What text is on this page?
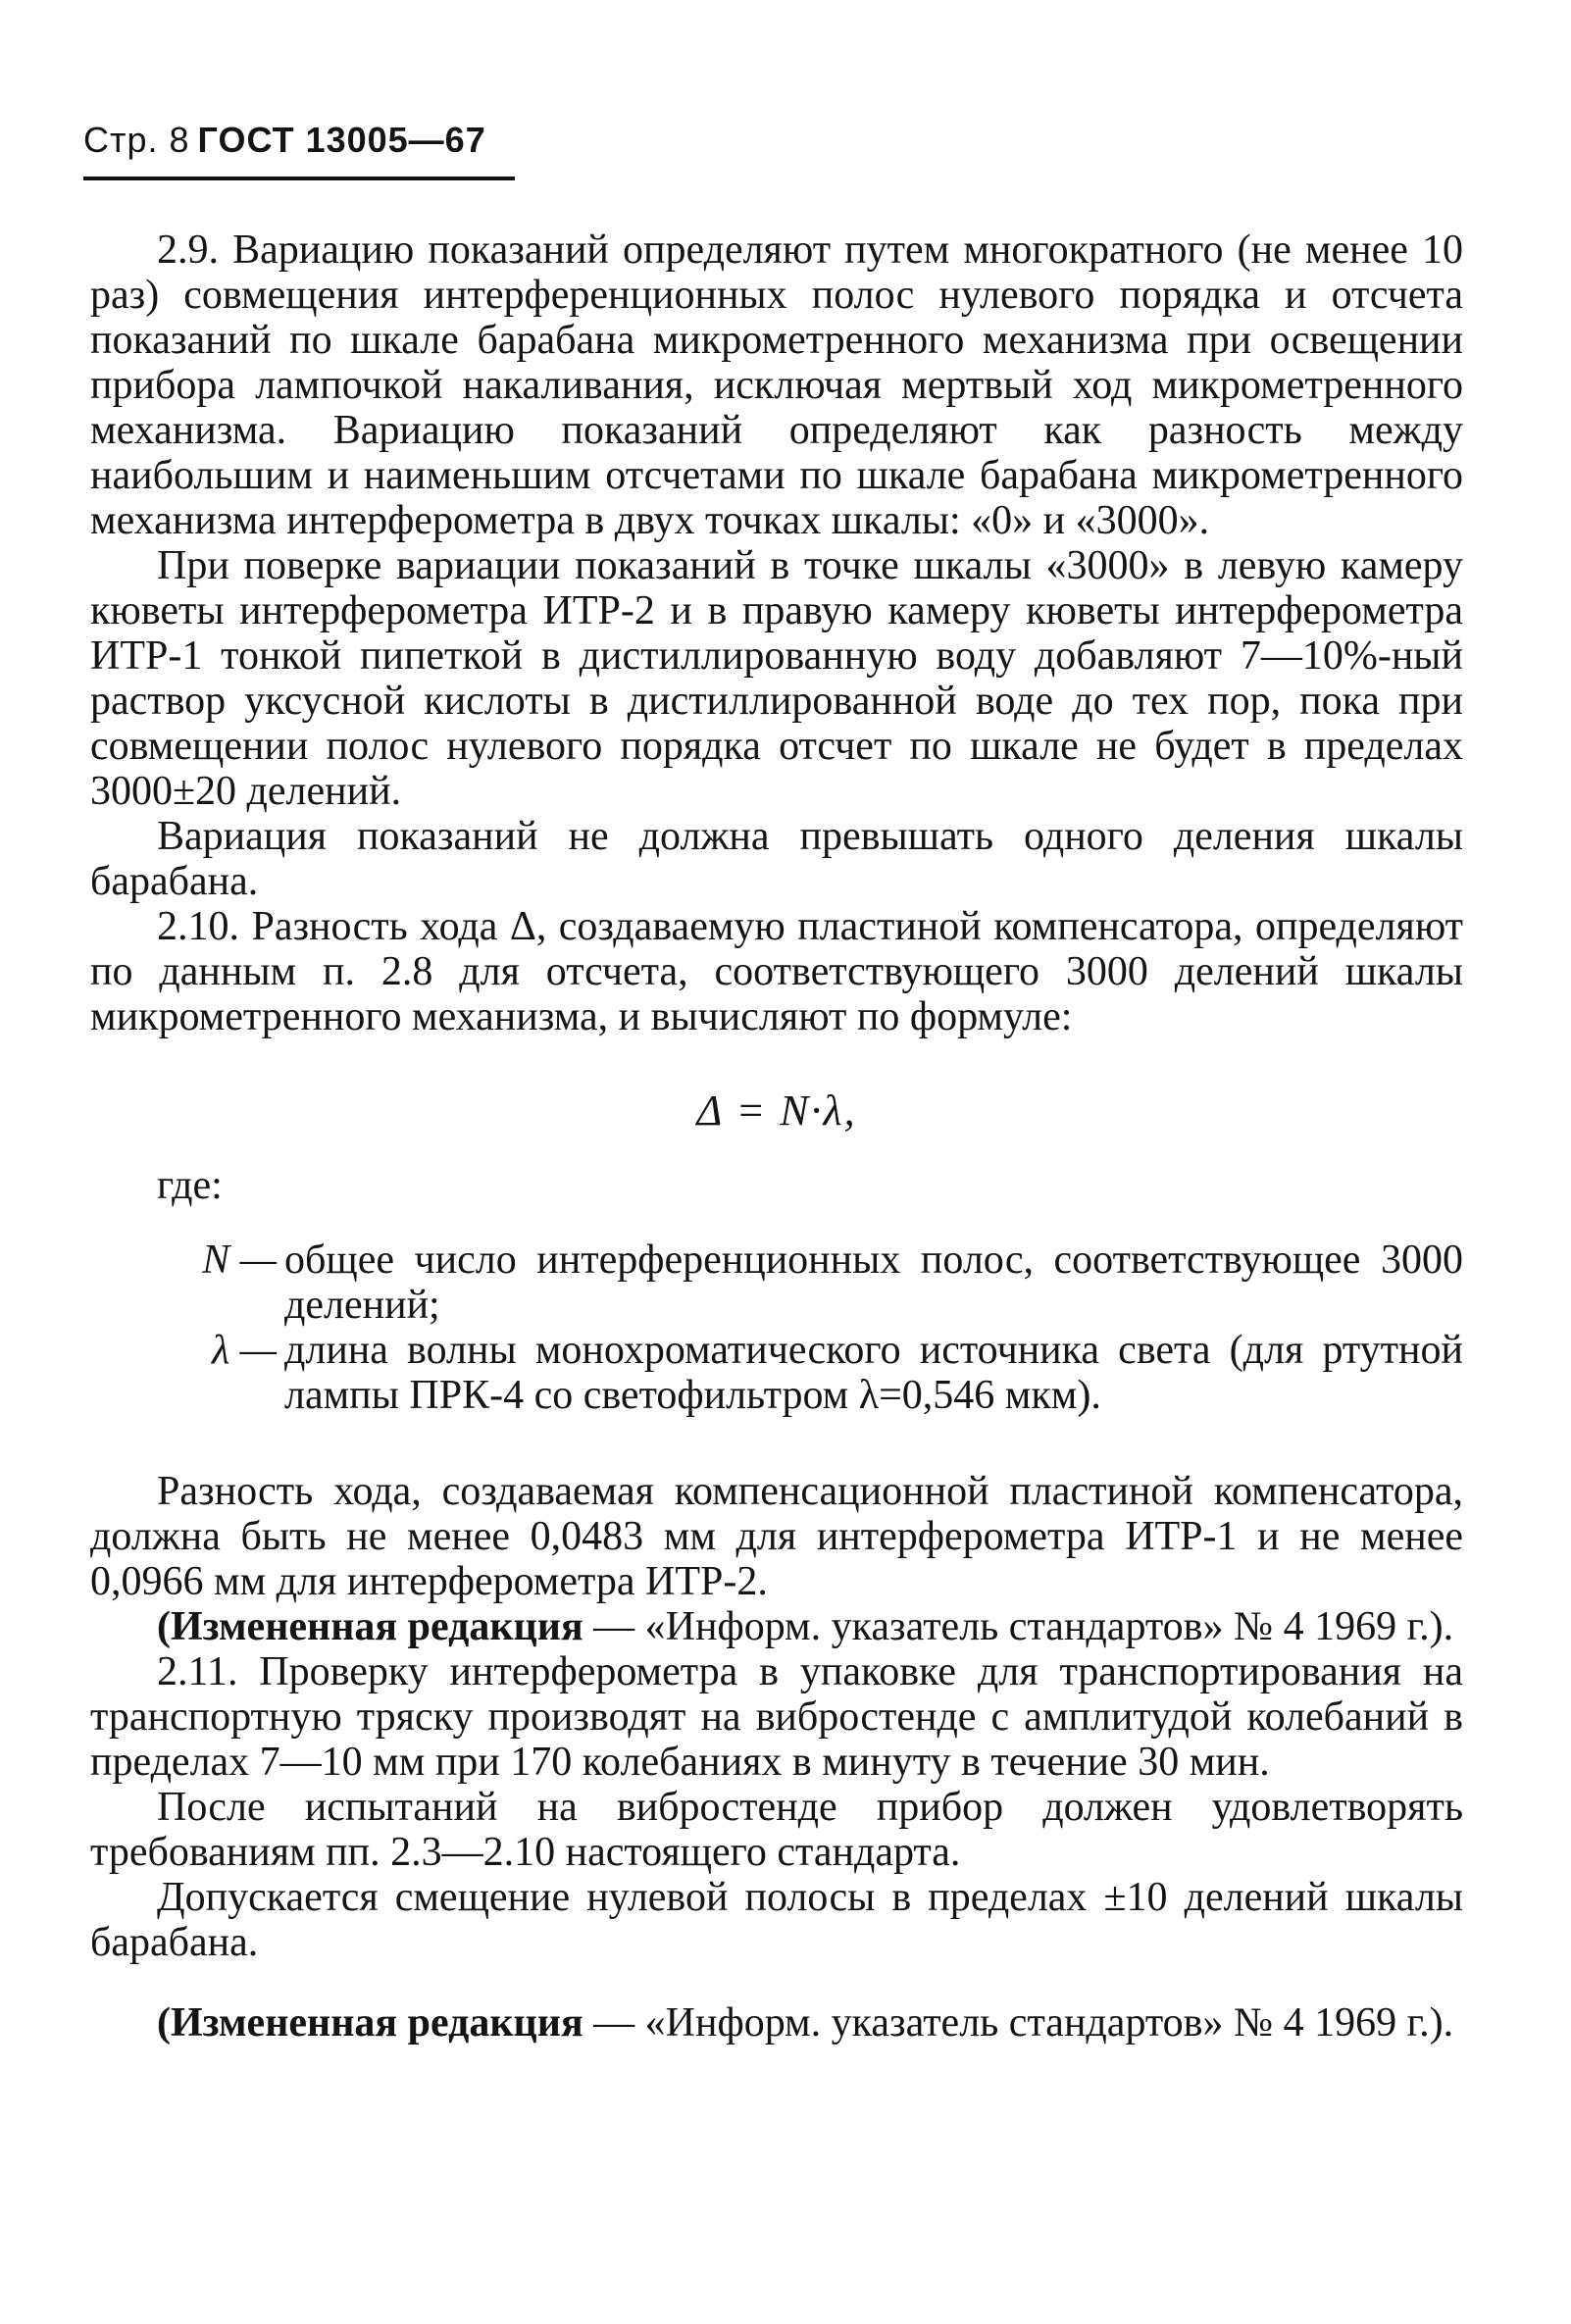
Стр. 8 ГОСТ 13005—67

2.9. Вариацию показаний определяют путем многократного (не менее 10 раз) совмещения интерференционных полос нулевого порядка и отсчета показаний по шкале барабана микрометренного механизма при освещении прибора лампочкой накаливания, исключая мертвый ход микрометренного механизма. Вариацию показаний определяют как разность между наибольшим и наименьшим отсчетами по шкале барабана микрометренного механизма интерферометра в двух точках шкалы: «0» и «3000».

При поверке вариации показаний в точке шкалы «3000» в левую камеру кюветы интерферометра ИТР-2 и в правую камеру кюветы интерферометра ИТР-1 тонкой пипеткой в дистиллированную воду добавляют 7—10%-ный раствор уксусной кислоты в дистиллированной воде до тех пор, пока при совмещении полос нулевого порядка отсчет по шкале не будет в пределах 3000±20 делений.

Вариация показаний не должна превышать одного деления шкалы барабана.

2.10. Разность хода Δ, создаваемую пластиной компенсатора, определяют по данным п. 2.8 для отсчета, соответствующего 3000 делений шкалы микрометренного механизма, и вычисляют по формуле:

Δ = N·λ,

где:

N — общее число интерференционных полос, соответствующее 3000 делений;
λ — длина волны монохроматического источника света (для ртутной лампы ПРК-4 со светофильтром λ=0,546 мкм).

Разность хода, создаваемая компенсационной пластиной компенсатора, должна быть не менее 0,0483 мм для интерферометра ИТР-1 и не менее 0,0966 мм для интерферометра ИТР-2.

(Измененная редакция — «Информ. указатель стандартов» № 4 1969 г.).

2.11. Проверку интерферометра в упаковке для транспортирования на транспортную тряску производят на вибростенде с амплитудой колебаний в пределах 7—10 мм при 170 колебаниях в минуту в течение 30 мин.

После испытаний на вибростенде прибор должен удовлетворять требованиям пп. 2.3—2.10 настоящего стандарта.

Допускается смещение нулевой полосы в пределах ±10 делений шкалы барабана.

(Измененная редакция — «Информ. указатель стандартов» № 4 1969 г.).
